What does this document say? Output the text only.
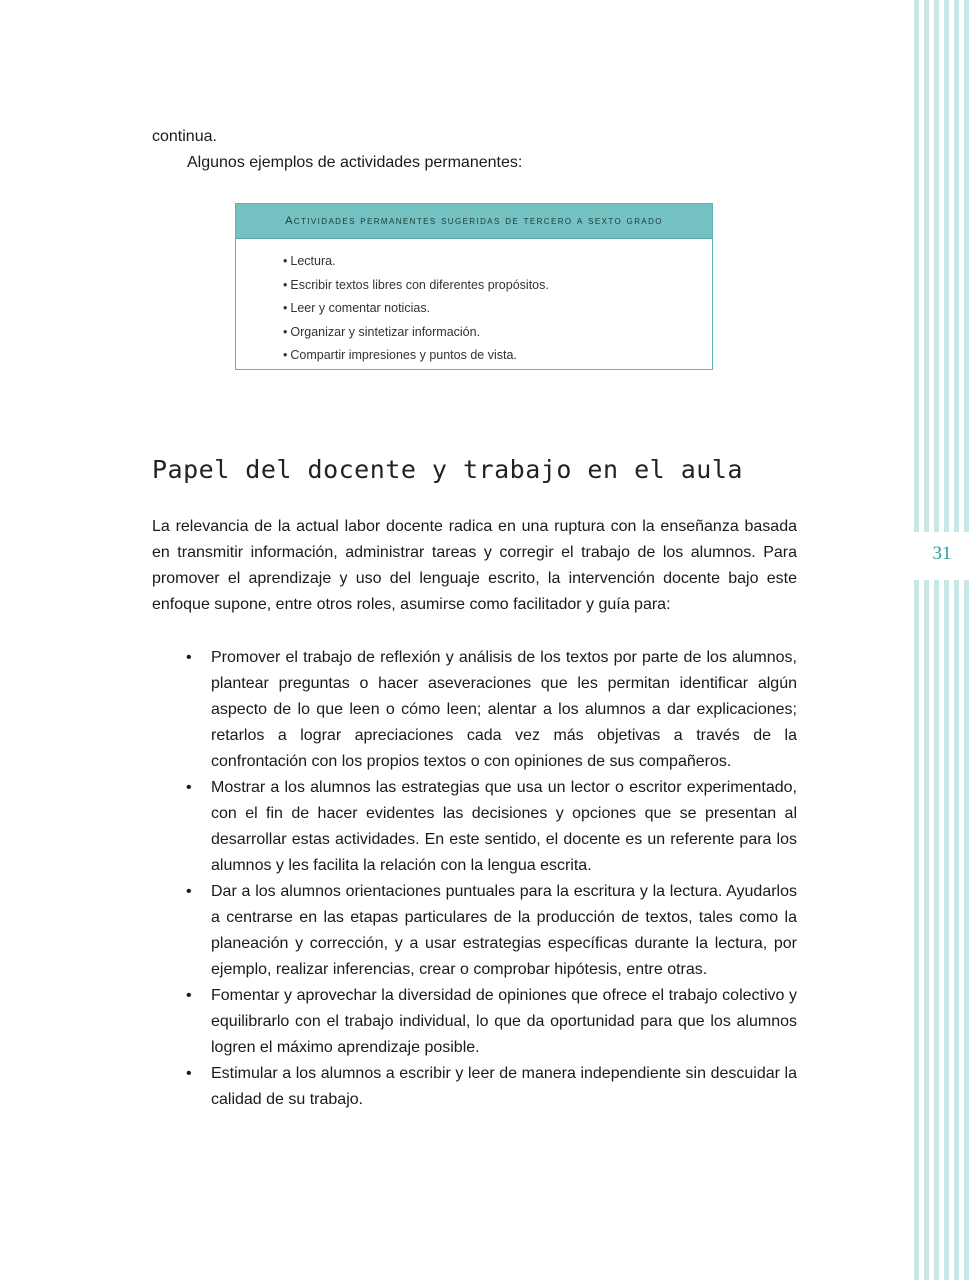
31

continua.

Algunos ejemplos de actividades permanentes:

Actividades permanentes sugeridas de tercero a sexto grado
• Lectura.
• Escribir textos libres con diferentes propósitos.
• Leer y comentar noticias.
• Organizar y sintetizar información.
• Compartir impresiones y puntos de vista.
Papel del docente y trabajo en el aula

La relevancia de la actual labor docente radica en una ruptura con la enseñanza basada en transmitir información, administrar tareas y corregir el trabajo de los alumnos. Para promover el aprendizaje y uso del lenguaje escrito, la intervención docente bajo este enfoque supone, entre otros roles, asumirse como facilitador y guía para:

• Promover el trabajo de reflexión y análisis de los textos por parte de los alumnos, plantear preguntas o hacer aseveraciones que les permitan identificar algún aspecto de lo que leen o cómo leen; alentar a los alumnos a dar explicaciones; retarlos a lograr apreciaciones cada vez más objetivas a través de la confrontación con los propios textos o con opiniones de sus compañeros.
• Mostrar a los alumnos las estrategias que usa un lector o escritor experimentado, con el fin de hacer evidentes las decisiones y opciones que se presentan al desarrollar estas actividades. En este sentido, el docente es un referente para los alumnos y les facilita la relación con la lengua escrita.
• Dar a los alumnos orientaciones puntuales para la escritura y la lectura. Ayudarlos a centrarse en las etapas particulares de la producción de textos, tales como la planeación y corrección, y a usar estrategias específicas durante la lectura, por ejemplo, realizar inferencias, crear o comprobar hipótesis, entre otras.
• Fomentar y aprovechar la diversidad de opiniones que ofrece el trabajo colectivo y equilibrarlo con el trabajo individual, lo que da oportunidad para que los alumnos logren el máximo aprendizaje posible.
• Estimular a los alumnos a escribir y leer de manera independiente sin descuidar la calidad de su trabajo.
